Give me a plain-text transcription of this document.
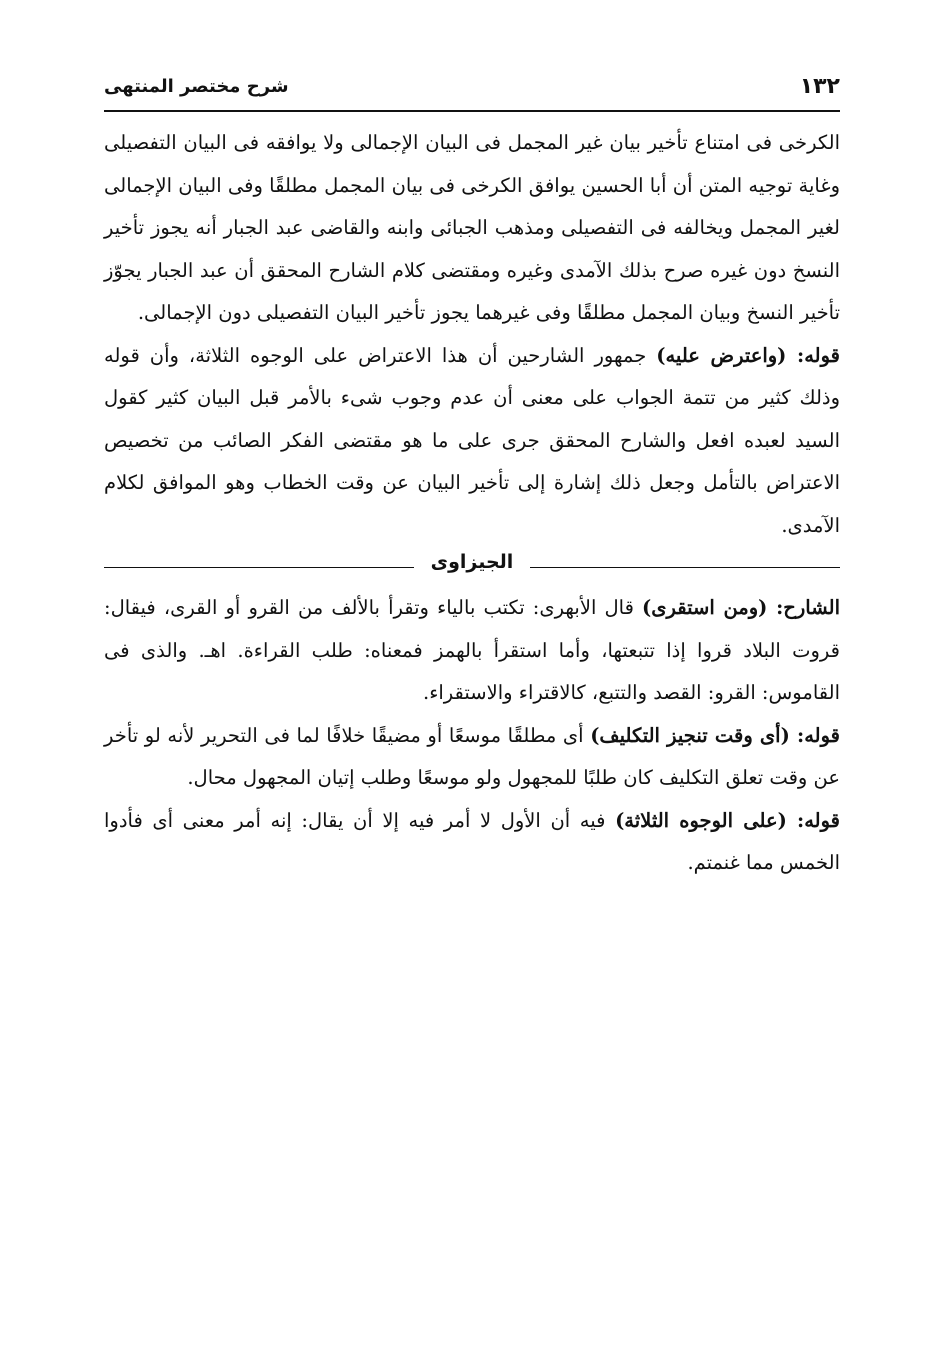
١٣٢
شرح مختصر المنتهى

الكرخى فى امتناع تأخير بيان غير المجمل فى البيان الإجمالى ولا يوافقه فى البيان التفصيلى وغاية توجيه المتن أن أبا الحسين يوافق الكرخى فى بيان المجمل مطلقًا وفى البيان الإجمالى لغير المجمل ويخالفه فى التفصيلى ومذهب الجبائى وابنه والقاضى عبد الجبار أنه يجوز تأخير النسخ دون غيره صرح بذلك الآمدى وغيره ومقتضى كلام الشارح المحقق أن عبد الجبار يجوّز تأخير النسخ وبيان المجمل مطلقًا وفى غيرهما يجوز تأخير البيان التفصيلى دون الإجمالى.

قوله: (واعترض عليه) جمهور الشارحين أن هذا الاعتراض على الوجوه الثلاثة، وأن قوله وذلك كثير من تتمة الجواب على معنى أن عدم وجوب شىء بالأمر قبل البيان كثير كقول السيد لعبده افعل والشارح المحقق جرى على ما هو مقتضى الفكر الصائب من تخصيص الاعتراض بالتأمل وجعل ذلك إشارة إلى تأخير البيان عن وقت الخطاب وهو الموافق لكلام الآمدى.

الجيزاوى

الشارح: (ومن استقرى) قال الأبهرى: تكتب بالياء وتقرأ بالألف من القرو أو القرى، فيقال: قروت البلاد قروا إذا تتبعتها، وأما استقرأ بالهمز فمعناه: طلب القراءة. اهـ. والذى فى القاموس: القرو: القصد والتتبع، كالاقتراء والاستقراء.

قوله: (أى وقت تنجيز التكليف) أى مطلقًا موسعًا أو مضيقًا خلافًا لما فى التحرير لأنه لو تأخر عن وقت تعلق التكليف كان طلبًا للمجهول ولو موسعًا وطلب إتيان المجهول محال.

قوله: (على الوجوه الثلاثة) فيه أن الأول لا أمر فيه إلا أن يقال: إنه أمر معنى أى فأدوا الخمس مما غنمتم.
